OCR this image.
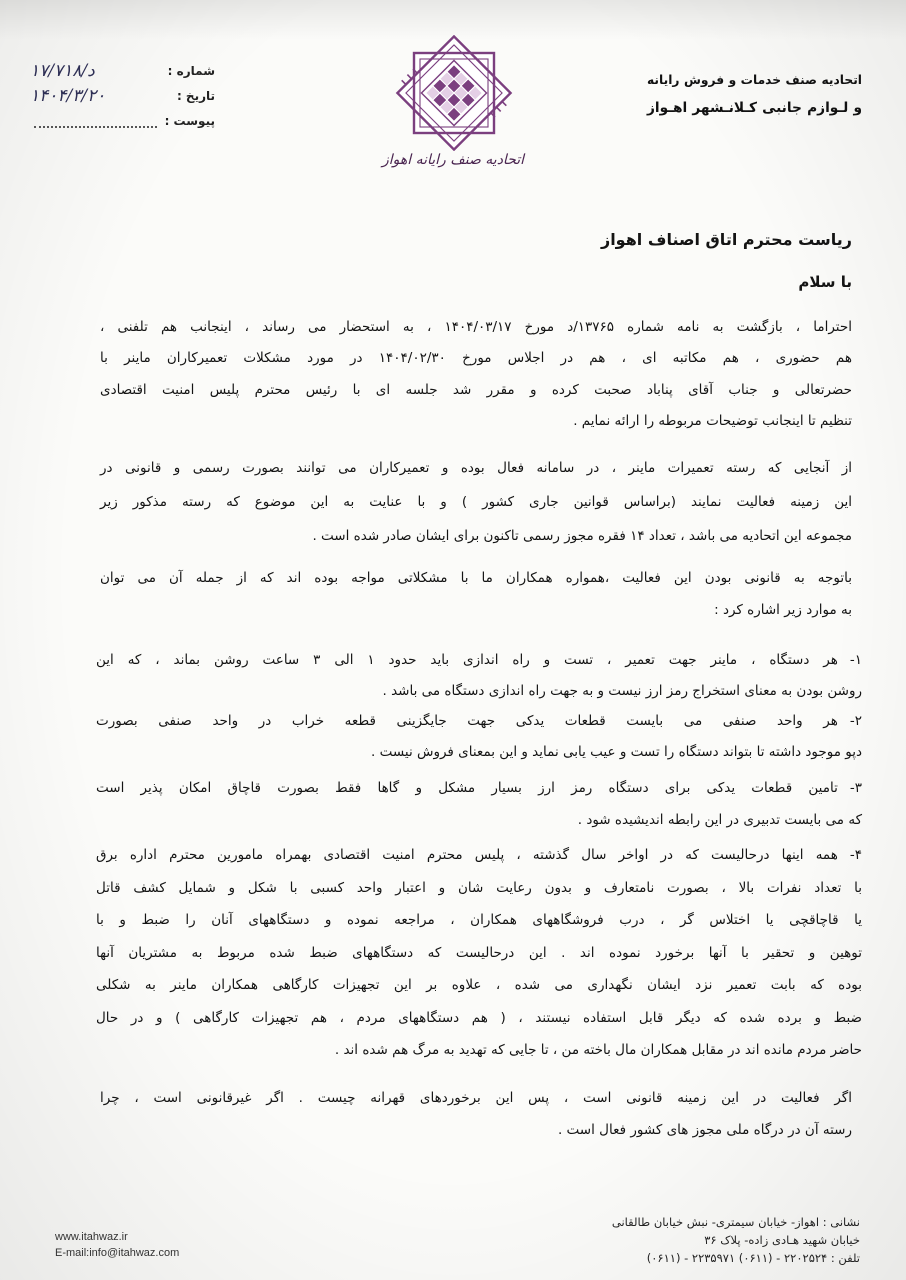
اتحادیه صنف خدمات و فروش رایانه
و لـوازم جانبی کـلانـشهر اهـواز
شماره :
د/۱۷/۷۱۸
تاریخ :
۱۴۰۴/۳/۲۰
پیوست :
اتحادیه صنف رایانه اهواز
ریاست محترم اتاق اصناف اهواز
با سلام
احتراما ، بازگشت به نامه شماره ۱۳۷۶۵/د مورخ ۱۴۰۴/۰۳/۱۷ ، به استحضار می رساند ، اینجانب هم تلفنی ،
هم حضوری ، هم مکاتبه ای ، هم در اجلاس مورخ ۱۴۰۴/۰۲/۳۰ در مورد مشکلات تعمیرکاران ماینر با
حضرتعالی و جناب آقای پناباد صحبت کرده و مقرر شد جلسه ای با رئیس محترم پلیس امنیت اقتصادی
تنظیم تا اینجانب توضیحات مربوطه را ارائه نمایم .
از آنجایی که رسته تعمیرات ماینر ، در سامانه فعال بوده و تعمیرکاران می توانند بصورت رسمی و قانونی در
این زمینه فعالیت نمایند (براساس قوانین جاری کشور ) و با عنایت به این موضوع که رسته مذکور زیر
مجموعه این اتحادیه می باشد ، تعداد ۱۴ فقره مجوز رسمی تاکنون برای ایشان صادر شده است .
باتوجه به قانونی بودن این فعالیت ،همواره همکاران ما با مشکلاتی مواجه بوده اند که از جمله آن می توان
به موارد زیر اشاره کرد :
۱-هر دستگاه ، ماینر جهت تعمیر ، تست و راه اندازی باید حدود ۱ الی ۳ ساعت روشن بماند ، که این
روشن بودن به معنای استخراج رمز ارز نیست و به جهت راه اندازی دستگاه می باشد .
۲-هر واحد صنفی می بایست قطعات یدکی جهت جایگزینی قطعه خراب در واحد صنفی بصورت
دپو موجود داشته تا بتواند دستگاه را تست و عیب یابی نماید و این بمعنای فروش نیست .
۳-تامین قطعات یدکی برای دستگاه رمز ارز بسیار مشکل و گاها فقط بصورت قاچاق امکان پذیر است
که می بایست تدبیری در این رابطه اندیشیده شود .
۴-همه اینها درحالیست که در اواخر سال گذشته ، پلیس محترم امنیت اقتصادی بهمراه مامورین محترم اداره برق
با تعداد نفرات بالا ، بصورت نامتعارف و بدون رعایت شان و اعتبار واحد کسبی با شکل و شمایل کشف قاتل
یا قاچاقچی یا اختلاس گر ، درب فروشگاههای همکاران ، مراجعه نموده و دستگاههای آنان را ضبط و با
توهین و تحقیر با آنها برخورد نموده اند . این درحالیست که دستگاههای ضبط شده مربوط به مشتریان آنها
بوده که بابت تعمیر نزد ایشان نگهداری می شده ، علاوه بر این تجهیزات کارگاهی همکاران ماینر به شکلی
ضبط و برده شده که دیگر قابل استفاده نیستند ، ( هم دستگاههای مردم ، هم تجهیزات کارگاهی ) و در حال
حاضر مردم مانده اند در مقابل همکاران مال باخته من ، تا جایی که تهدید به مرگ هم شده اند .
اگر فعالیت در این زمینه قانونی است ، پس این برخوردهای قهرانه چیست . اگر غیرقانونی است ، چرا
رسته آن در درگاه ملی مجوز های کشور فعال است .
نشانی : اهواز- خیابان سیمتری- نبش خیابان طالقانی
خیابان شهید هـادی زاده- پلاک ۳۶
تلفن : ۲۲۰۲۵۲۴ - (۰۶۱۱) ۲۲۳۵۹۷۱ - (۰۶۱۱)
www.itahwaz.ir
E-mail:info@itahwaz.com
